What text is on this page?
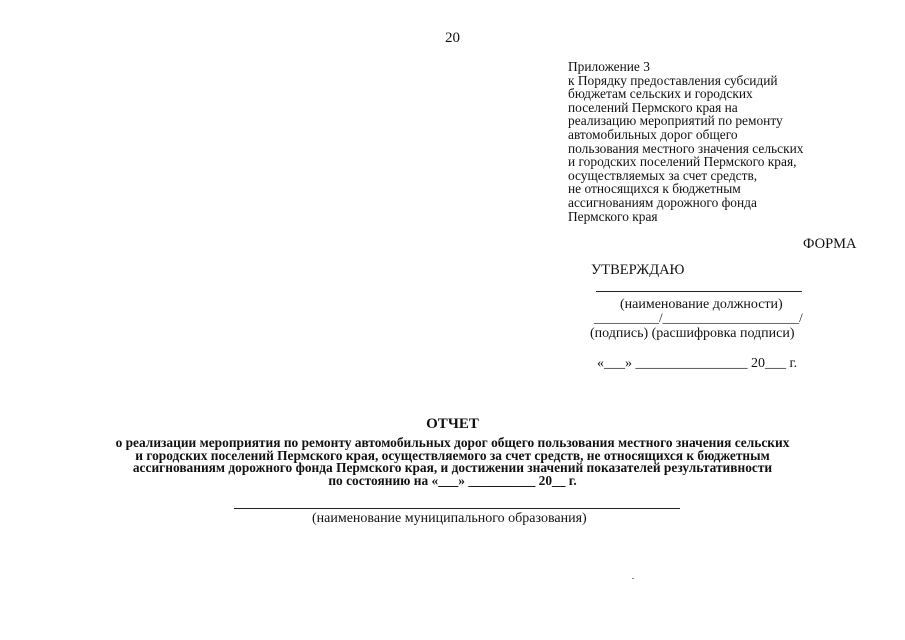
20
Приложение 3
к Порядку предоставления субсидий
бюджетам сельских и городских
поселений Пермского края на
реализацию мероприятий по ремонту
автомобильных дорог общего
пользования местного значения сельских
и городских поселений Пермского края,
осуществляемых за счет средств,
не относящихся к бюджетным
ассигнованиям дорожного фонда
Пермского края
ФОРМА
УТВЕРЖДАЮ
(наименование должности)
__________/_____________________/
(подпись) (расшифровка подписи)
«___» ________________ 20___ г.
ОТЧЕТ
о реализации мероприятия по ремонту автомобильных дорог общего пользования местного значения сельских
и городских поселений Пермского края, осуществляемого за счет средств, не относящихся к бюджетным
ассигнованиям дорожного фонда Пермского края, и достижении значений показателей результативности
по состоянию на «___» __________ 20__ г.
(наименование муниципального образования)
